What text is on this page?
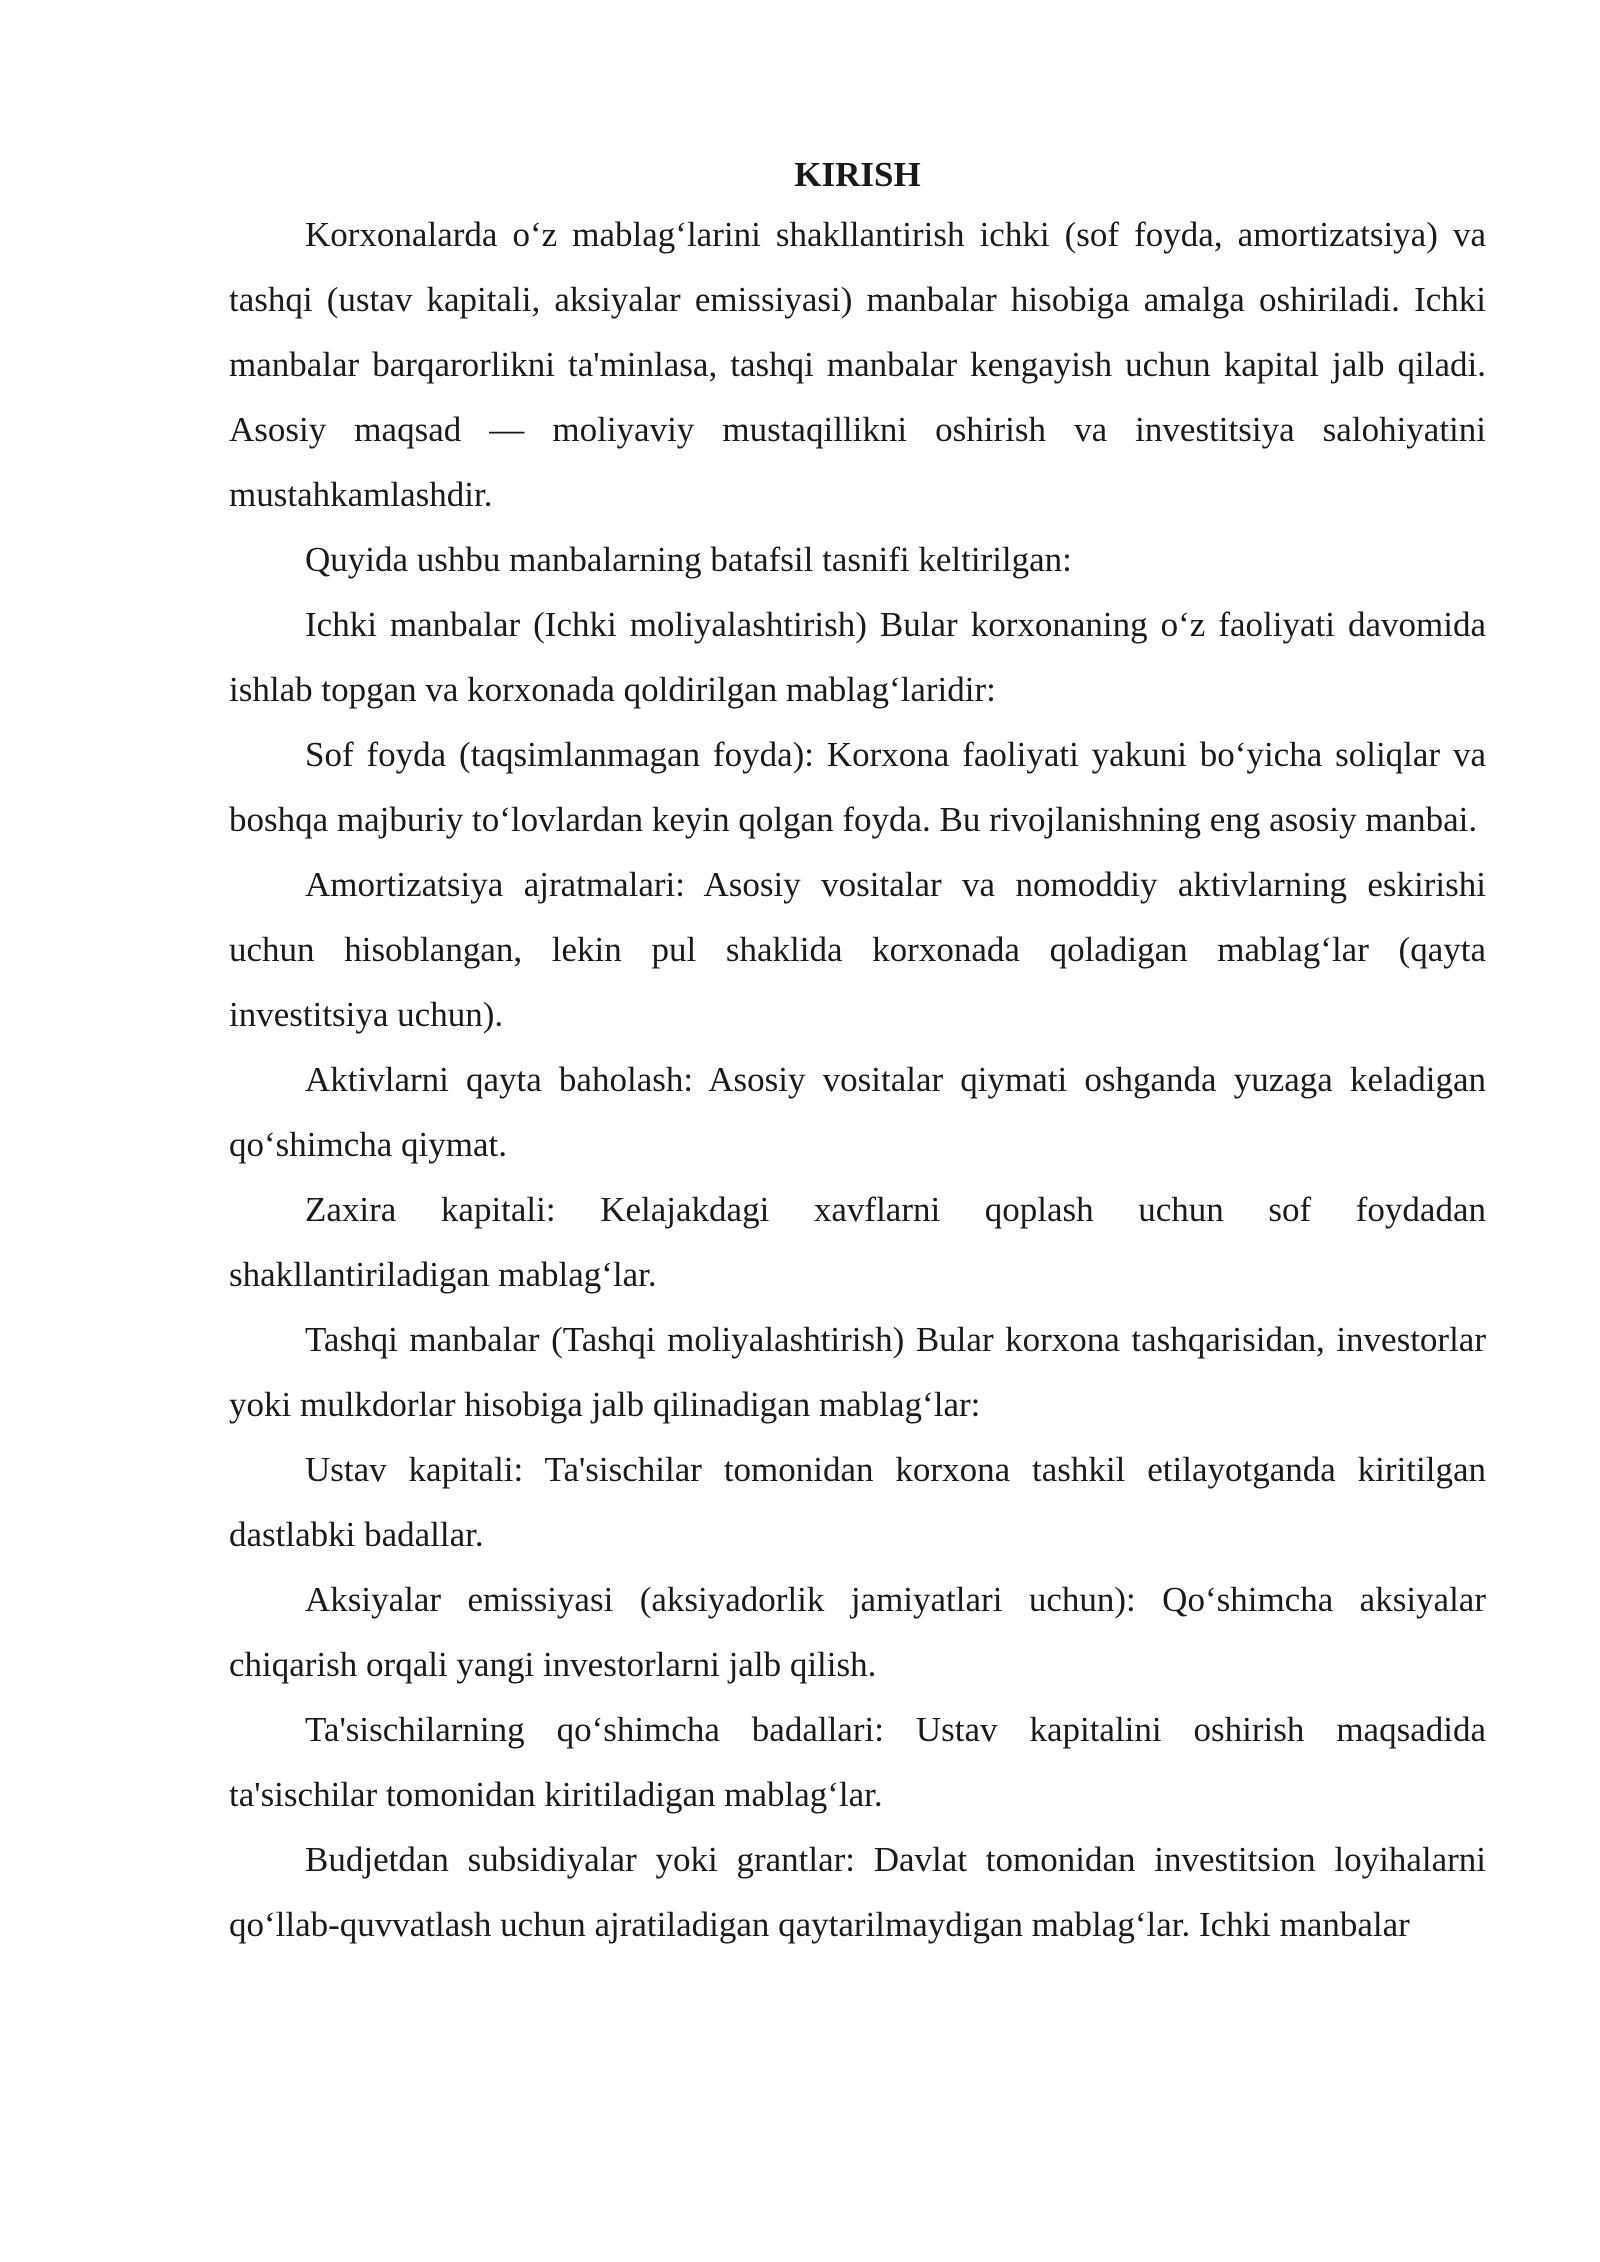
KIRISH

Korxonalarda o‘z mablag‘larini shakllantirish ichki (sof foyda, amortizatsiya) va tashqi (ustav kapitali, aksiyalar emissiyasi) manbalar hisobiga amalga oshiriladi. Ichki manbalar barqarorlikni ta'minlasa, tashqi manbalar kengayish uchun kapital jalb qiladi. Asosiy maqsad — moliyaviy mustaqillikni oshirish va investitsiya salohiyatini mustahkamlashdir.

Quyida ushbu manbalarning batafsil tasnifi keltirilgan:

Ichki manbalar (Ichki moliyalashtirish) Bular korxonaning o‘z faoliyati davomida ishlab topgan va korxonada qoldirilgan mablag‘laridir:

Sof foyda (taqsimlanmagan foyda): Korxona faoliyati yakuni bo‘yicha soliqlar va boshqa majburiy to‘lovlardan keyin qolgan foyda. Bu rivojlanishning eng asosiy manbai.

Amortizatsiya ajratmalari: Asosiy vositalar va nomoddiy aktivlarning eskirishi uchun hisoblangan, lekin pul shaklida korxonada qoladigan mablag‘lar (qayta investitsiya uchun).

Aktivlarni qayta baholash: Asosiy vositalar qiymati oshganda yuzaga keladigan qo‘shimcha qiymat.

Zaxira kapitali: Kelajakdagi xavflarni qoplash uchun sof foydadan shakllantiriladigan mablag‘lar.

Tashqi manbalar (Tashqi moliyalashtirish) Bular korxona tashqarisidan, investorlar yoki mulkdorlar hisobiga jalb qilinadigan mablag‘lar:

Ustav kapitali: Ta'sischilar tomonidan korxona tashkil etilayotganda kiritilgan dastlabki badallar.

Aksiyalar emissiyasi (aksiyadorlik jamiyatlari uchun): Qo‘shimcha aksiyalar chiqarish orqali yangi investorlarni jalb qilish.

Ta'sischilarning qo‘shimcha badallari: Ustav kapitalini oshirish maqsadida ta'sischilar tomonidan kiritiladigan mablag‘lar.

Budjetdan subsidiyalar yoki grantlar: Davlat tomonidan investitsion loyihalarni qo‘llab-quvvatlash uchun ajratiladigan qaytarilmaydigan mablag‘lar. Ichki manbalar
